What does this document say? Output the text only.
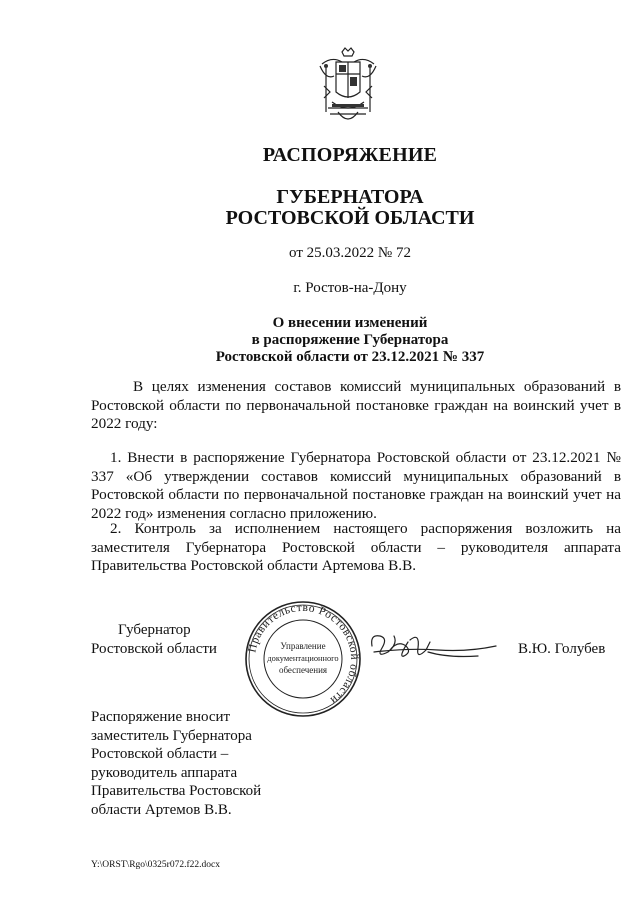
РАСПОРЯЖЕНИЕ
ГУБЕРНАТОРА
РОСТОВСКОЙ ОБЛАСТИ
от 25.03.2022 № 72
г. Ростов-на-Дону
О внесении изменений
в распоряжение Губернатора
Ростовской области от 23.12.2021 № 337
В целях изменения составов комиссий муниципальных образований в Ростовской области по первоначальной постановке граждан на воинский учет в 2022 году:
1. Внести в распоряжение Губернатора Ростовской области от 23.12.2021 № 337 «Об утверждении составов комиссий муниципальных образований в Ростовской области по первоначальной постановке граждан на воинский учет на 2022 год» изменения согласно приложению.
2. Контроль за исполнением настоящего распоряжения возложить на заместителя Губернатора Ростовской области – руководителя аппарата Правительства Ростовской области Артемова В.В.
Губернатор
Ростовской области	Правительство Ростовской области
Управление
документационного
обеспечения
В.Ю. Голубев
Распоряжение вносит
заместитель Губернатора
Ростовской области –
руководитель аппарата
Правительства Ростовской
области Артемов В.В.
Y:\ORST\Rgo\0325r072.f22.docx
